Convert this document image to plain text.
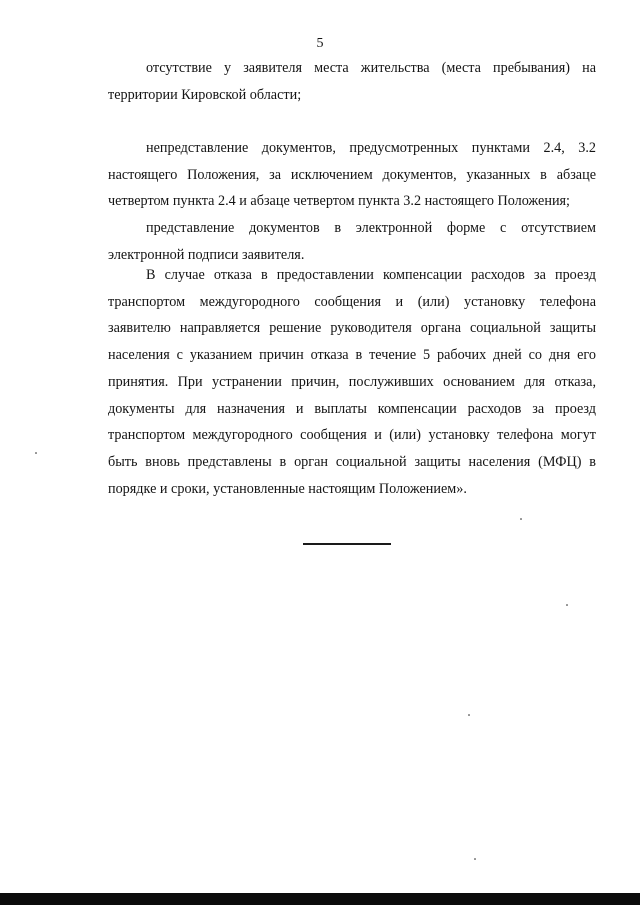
5

отсутствие у заявителя места жительства (места пребывания) на территории Кировской области;

непредставление документов, предусмотренных пунктами 2.4, 3.2 настоящего Положения, за исключением документов, указанных в абзаце четвертом пункта 2.4 и абзаце четвертом пункта 3.2 настоящего Положения;

представление документов в электронной форме с отсутствием электронной подписи заявителя.

В случае отказа в предоставлении компенсации расходов за проезд транспортом междугородного сообщения и (или) установку телефона заявителю направляется решение руководителя органа социальной защиты населения с указанием причин отказа в течение 5 рабочих дней со дня его принятия. При устранении причин, послуживших основанием для отказа, документы для назначения и выплаты компенсации расходов за проезд транспортом междугородного сообщения и (или) установку телефона могут быть вновь представлены в орган социальной защиты населения (МФЦ) в порядке и сроки, установленные настоящим Положением».
